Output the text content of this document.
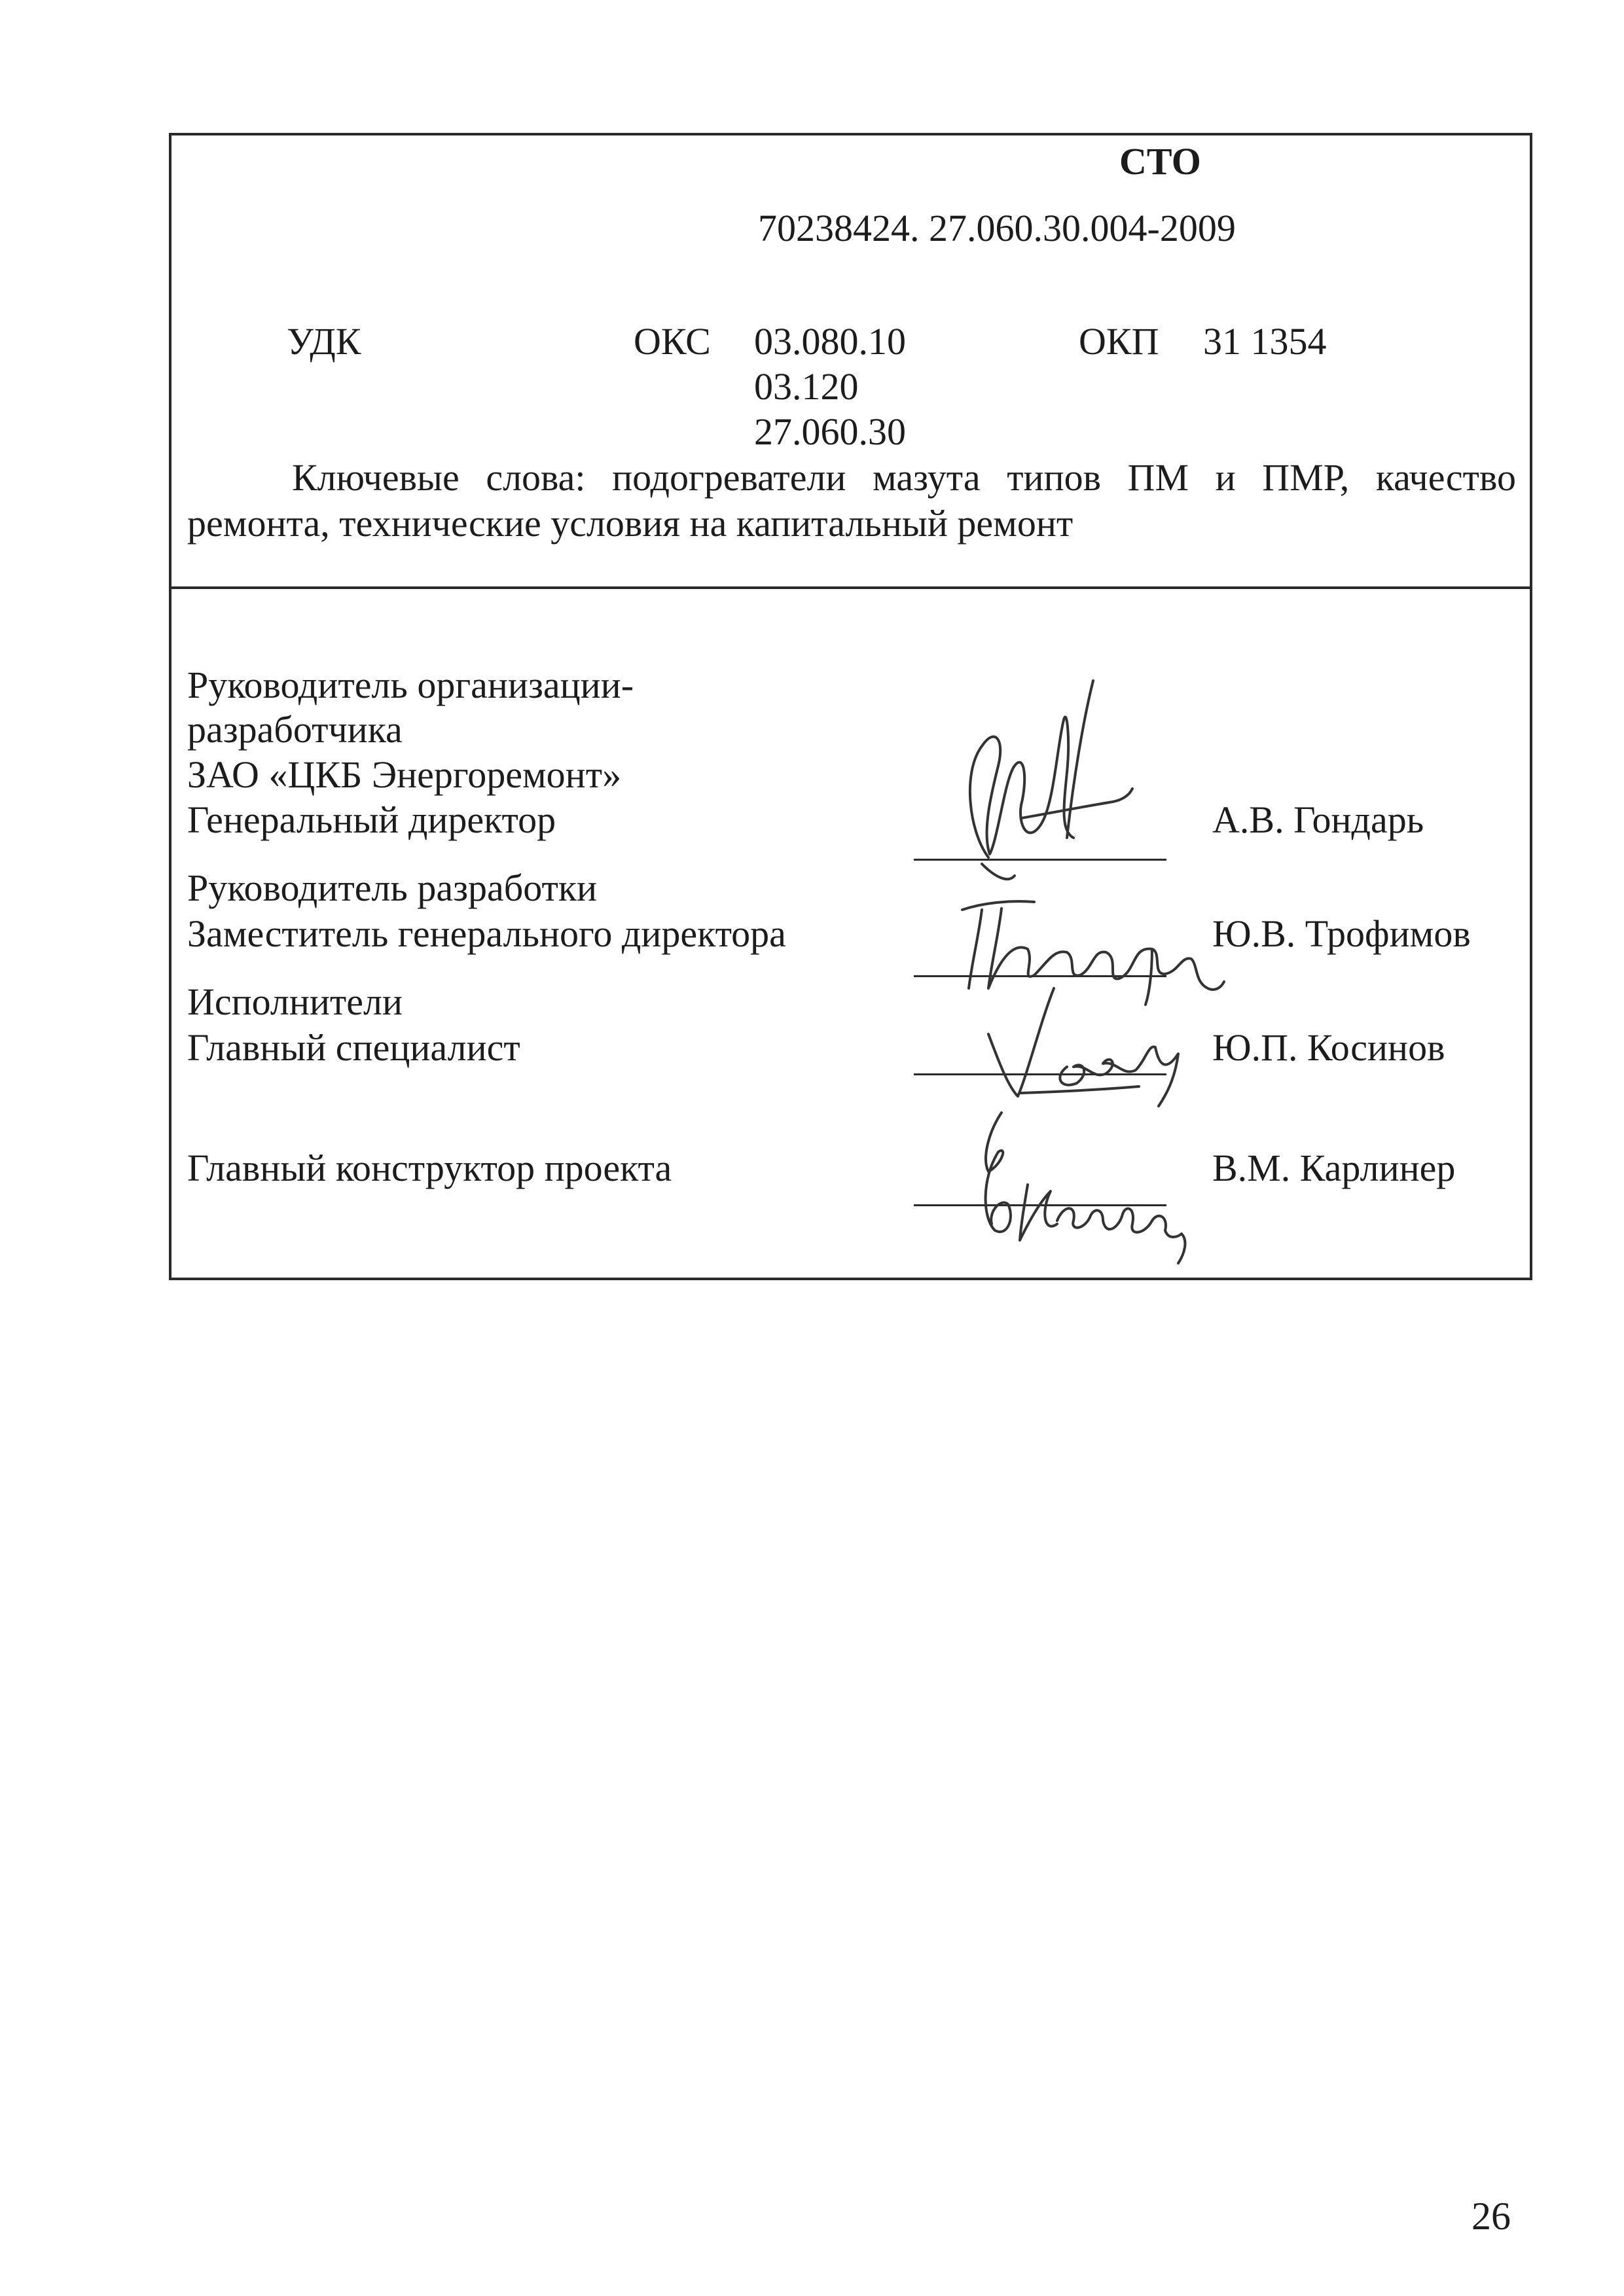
СТО
70238424. 27.060.30.004-2009
УДК	ОКС 03.080.10
03.120
27.060.30
ОКП 31 1354
Ключевые слова: подогреватели мазута типов ПМ и ПМР, качество ремонта, технические условия на капитальный ремонт
Руководитель организации-
разработчика
ЗАО «ЦКБ Энергоремонт»
Генеральный директор	А.В. Гондарь
Руководитель разработки
Заместитель генерального директора	Ю.В. Трофимов
Исполнители
Главный специалист	Ю.П. Косинов
Главный конструктор проекта	В.М. Карлинер
26
